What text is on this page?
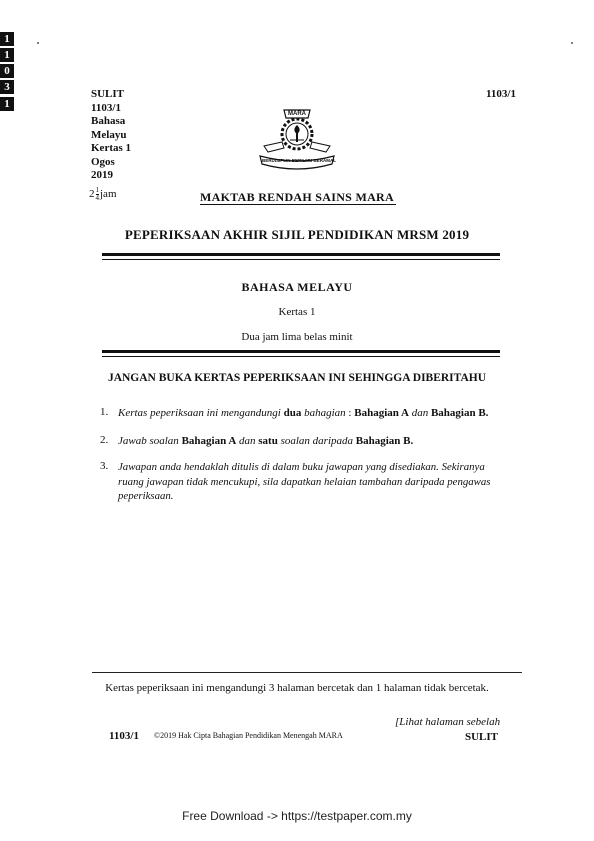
1
1
0
3
1
SULIT
1103/1
Bahasa
Melayu
Kertas 1
Ogos
2019
$2 \frac{1}{4}$ jam
1103/1
MARA
BERDISIPLIN BERILMU BERAMAL
MAKTAB RENDAH SAINS MARA
PEPERIKSAAN AKHIR SIJIL PENDIDIKAN MRSM 2019
BAHASA MELAYU
Kertas 1
Dua jam lima belas minit
JANGAN BUKA KERTAS PEPERIKSAAN INI SEHINGGA DIBERITAHU
1. Kertas peperiksaan ini mengandungi dua bahagian : Bahagian A dan Bahagian B.
2. Jawab soalan Bahagian A dan satu soalan daripada Bahagian B.
3. Jawapan anda hendaklah ditulis di dalam buku jawapan yang disediakan. Sekiranya ruang jawapan tidak mencukupi, sila dapatkan helaian tambahan daripada pengawas peperiksaan.
Kertas peperiksaan ini mengandungi 3 halaman bercetak dan 1 halaman tidak bercetak.
1103/1 ©2019 Hak Cipta Bahagian Pendidikan Menengah MARA
[Lihat halaman sebelah
SULIT
Free Download -> https://testpaper.com.my
